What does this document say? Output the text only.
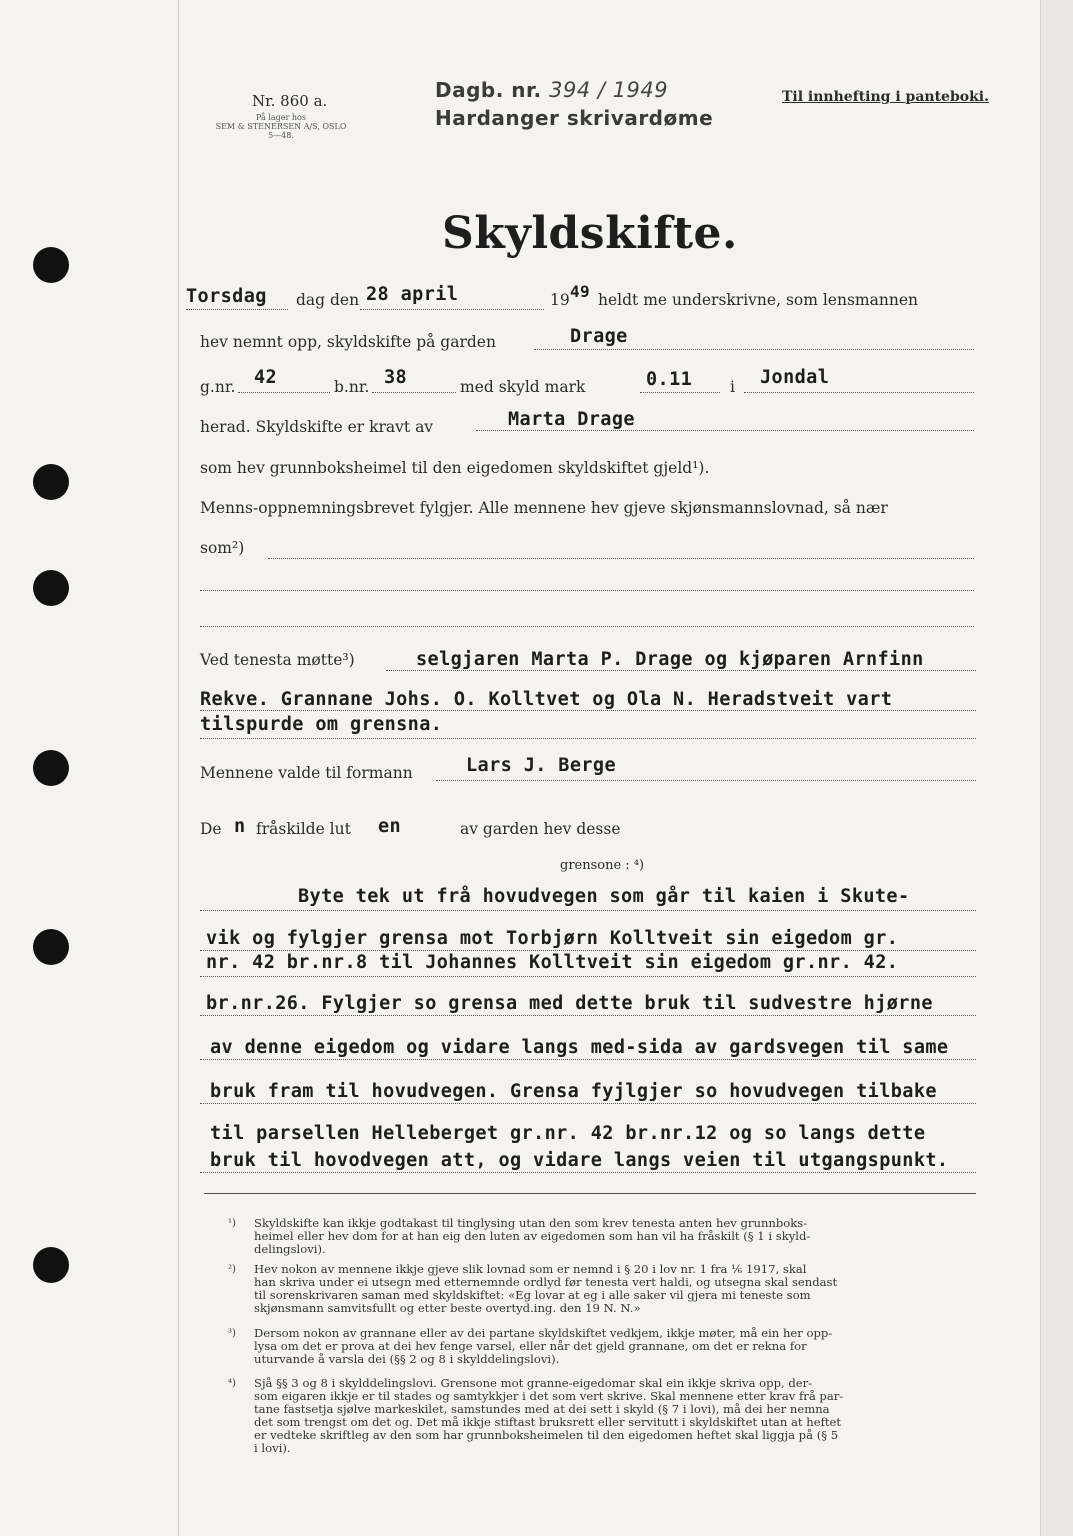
Nr. 860 a.
På lager hos
SEM & STENERSEN A/S, OSLO
5—48.
Dagb. nr. 394 / 1949
Hardanger skrivardøme
Til innhefting i panteboki.
Skyldskifte.
Torsdag dag den 28 april	19 49 heldt me underskrivne, som lensmannen
hev nemnt opp, skyldskifte på garden	Drage
g.nr. 42	b.nr. 38	med skyld mark	0.11 i Jondal
herad. Skyldskifte er kravt av	Marta Drage
som hev grunnboksheimel til den eigedomen skyldskiftet gjeld¹).
Menns-oppnemningsbrevet fylgjer. Alle mennene hev gjeve skjønsmannslovnad, så nær
som²)
Ved tenesta møtte³)	selgjaren Marta P. Drage og kjøparen Arnfinn
Rekve. Grannane Johs. O. Kolltvet og Ola N. Heradstveit vart
tilspurde om grensna.
Mennene valde til formann	Lars J. Berge
De n fråskilde lut en	av garden hev desse
grensone : ⁴)
Byte tek ut frå hovudvegen som går til kaien i Skute-
vik og fylgjer grensa mot Torbjørn Kolltveit sin eigedom gr.
nr. 42 br.nr.8 til Johannes Kolltveit sin eigedom gr.nr. 42.
br.nr.26. Fylgjer so grensa med dette bruk til sudvestre hjørne
av denne eigedom og vidare langs med-sida av gardsvegen til same
bruk fram til hovudvegen. Grensa fyjlgjer so hovudvegen tilbake
til parsellen Helleberget gr.nr. 42 br.nr.12 og so langs dette
bruk til hovodvegen att, og vidare langs veien til utgangspunkt.
¹) Skyldskifte kan ikkje godtakast til tinglysing utan den som krev tenesta anten hev grunnboks-
heimel eller hev dom for at han eig den luten av eigedomen som han vil ha fråskilt (§ 1 i skyld-
delingslovi).
²) Hev nokon av mennene ikkje gjeve slik lovnad som er nemnd i § 20 i lov nr. 1 fra ⅙ 1917, skal
han skriva under ei utsegn med etternemnde ordlyd før tenesta vert haldi, og utsegna skal sendast
til sorenskrivaren saman med skyldskiftet: «Eg lovar at eg i alle saker vil gjera mi teneste som
skjønsmann samvitsfullt og etter beste overtyd.ing. den 19 N. N.»
³) Dersom nokon av grannane eller av dei partane skyldskiftet vedkjem, ikkje møter, må ein her opp-
lysa om det er prova at dei hev fenge varsel, eller når det gjeld grannane, om det er rekna for
uturvande å varsla dei (§§ 2 og 8 i skylddelingslovi).
⁴) Sjå §§ 3 og 8 i skylddelingslovi. Grensone mot granne-eigedomar skal ein ikkje skriva opp, der-
som eigaren ikkje er til stades og samtykkjer i det som vert skrive. Skal mennene etter krav frå par-
tane fastsetja sjølve markeskilet, samstundes med at dei sett i skyld (§ 7 i lovi), må dei her nemna
det som trengst om det og. Det må ikkje stiftast bruksrett eller servitutt i skyldskiftet utan at heftet
er vedteke skriftleg av den som har grunnboksheimelen til den eigedomen heftet skal liggja på (§ 5
i lovi).
